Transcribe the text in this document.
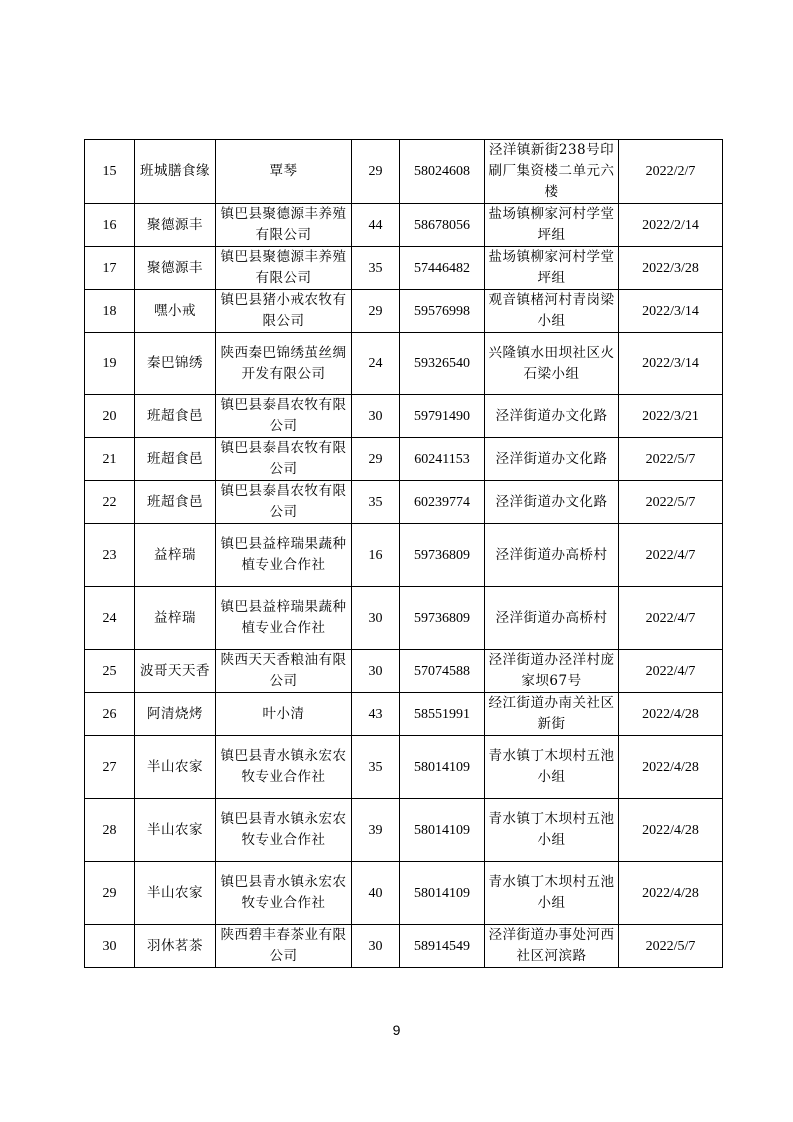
15	班城膳食缘	覃琴	29	58024608	泾洋镇新街238号印刷厂集资楼二单元六楼	2022/2/7
16	聚德源丰	镇巴县聚德源丰养殖有限公司	44	58678056	盐场镇柳家河村学堂坪组	2022/2/14
17	聚德源丰	镇巴县聚德源丰养殖有限公司	35	57446482	盐场镇柳家河村学堂坪组	2022/3/28
18	嘿小戒	镇巴县猪小戒农牧有限公司	29	59576998	观音镇楮河村青岗梁小组	2022/3/14
19	秦巴锦绣	陕西秦巴锦绣茧丝绸开发有限公司	24	59326540	兴隆镇水田坝社区火石梁小组	2022/3/14
20	班超食邑	镇巴县泰昌农牧有限公司	30	59791490	泾洋街道办文化路	2022/3/21
21	班超食邑	镇巴县泰昌农牧有限公司	29	60241153	泾洋街道办文化路	2022/5/7
22	班超食邑	镇巴县泰昌农牧有限公司	35	60239774	泾洋街道办文化路	2022/5/7
23	益梓瑞	镇巴县益梓瑞果蔬种植专业合作社	16	59736809	泾洋街道办高桥村	2022/4/7
24	益梓瑞	镇巴县益梓瑞果蔬种植专业合作社	30	59736809	泾洋街道办高桥村	2022/4/7
25	波哥天天香	陕西天天香粮油有限公司	30	57074588	泾洋街道办泾洋村庞家坝67号	2022/4/7
26	阿清烧烤	叶小清	43	58551991	经江街道办南关社区新街	2022/4/28
27	半山农家	镇巴县青水镇永宏农牧专业合作社	35	58014109	青水镇丁木坝村五池小组	2022/4/28
28	半山农家	镇巴县青水镇永宏农牧专业合作社	39	58014109	青水镇丁木坝村五池小组	2022/4/28
29	半山农家	镇巴县青水镇永宏农牧专业合作社	40	58014109	青水镇丁木坝村五池小组	2022/4/28
30	羽休茗茶	陕西碧丰春茶业有限公司	30	58914549	泾洋街道办事处河西社区河滨路	2022/5/7
9
